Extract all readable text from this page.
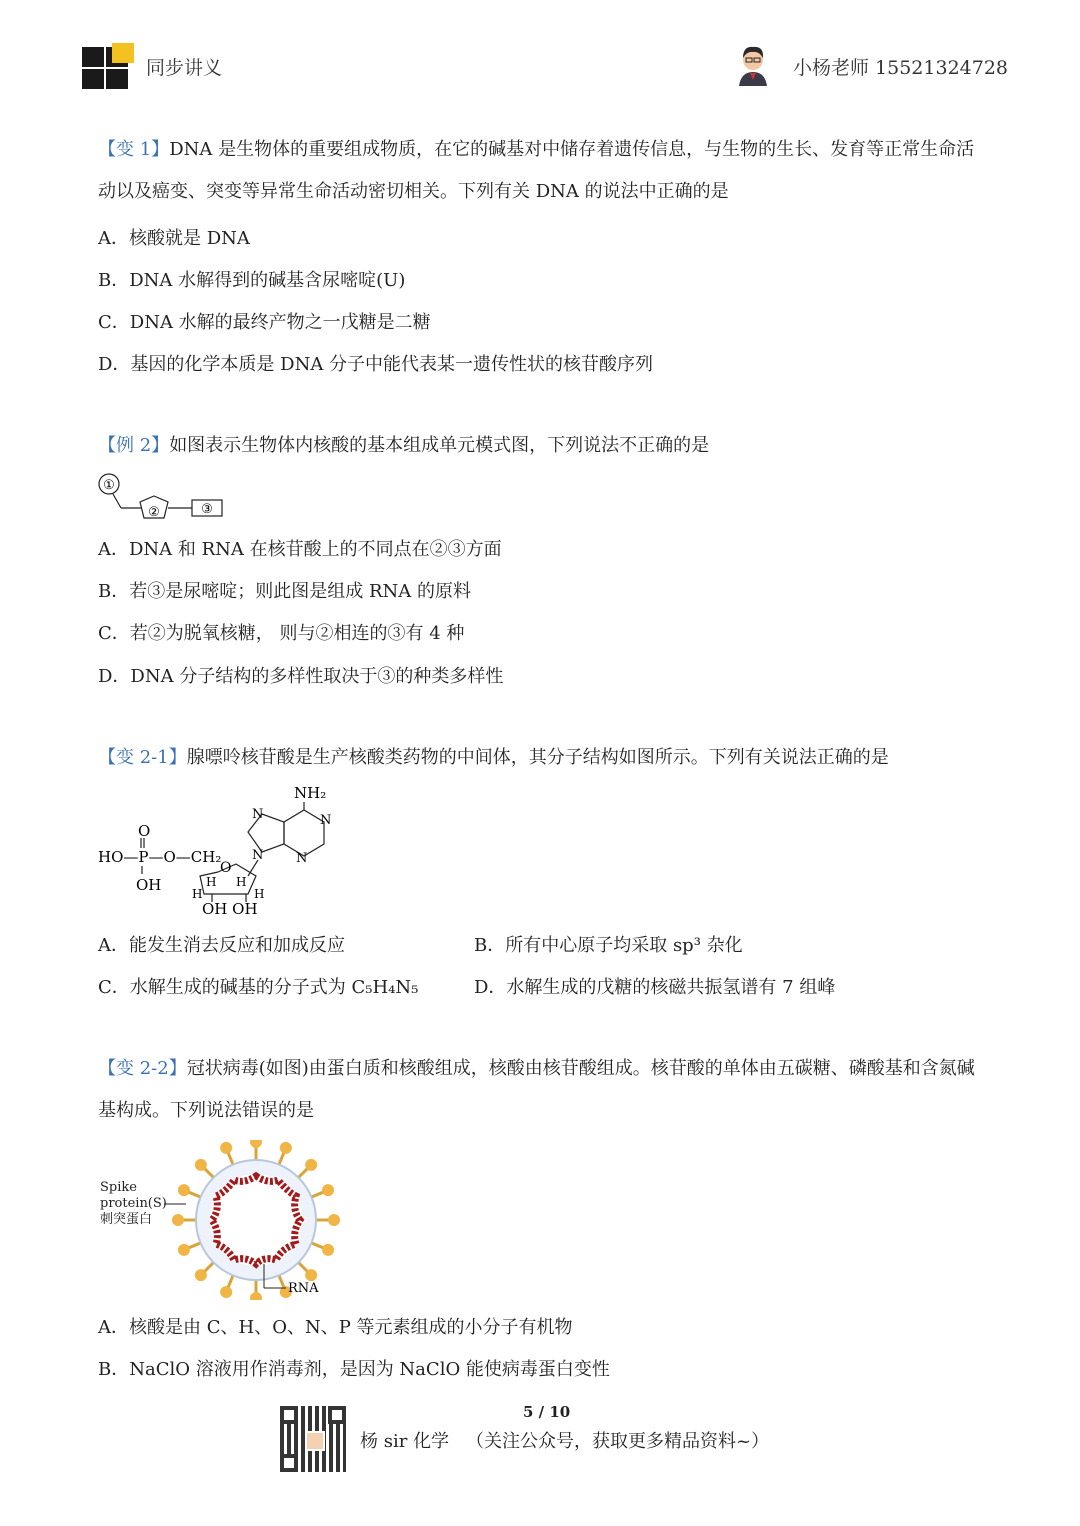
同步讲义	小杨老师 15521324728
【变 1】DNA 是生物体的重要组成物质，在它的碱基对中储存着遗传信息，与生物的生长、发育等正常生命活动以及癌变、突变等异常生命活动密切相关。下列有关 DNA 的说法中正确的是
A．核酸就是 DNA
B．DNA 水解得到的碱基含尿嘧啶(U)
C．DNA 水解的最终产物之一戊糖是二糖
D．基因的化学本质是 DNA 分子中能代表某一遗传性状的核苷酸序列
【例 2】如图表示生物体内核酸的基本组成单元模式图，下列说法不正确的是
①
②	③
A．DNA 和 RNA 在核苷酸上的不同点在②③方面
B．若③是尿嘧啶；则此图是组成 RNA 的原料
C．若②为脱氧核糖， 则与②相连的③有 4 种
D．DNA 分子结构的多样性取决于③的种类多样性
【变 2-1】腺嘌呤核苷酸是生产核酸类药物的中间体，其分子结构如图所示。下列有关说法正确的是
NH₂
N
N
N
N
O
HO—P—O—CH₂
OH
O
H H
H	H
OH OH
A．能发生消去反应和加成反应	B．所有中心原子均采取 sp³ 杂化
C．水解生成的碱基的分子式为 C₅H₄N₅	D．水解生成的戊糖的核磁共振氢谱有 7 组峰
【变 2-2】冠状病毒(如图)由蛋白质和核酸组成，核酸由核苷酸组成。核苷酸的单体由五碳糖、磷酸基和含氮碱基构成。下列说法错误的是
Spike
protein(S)
刺突蛋白
RNA
A．核酸是由 C、H、O、N、P 等元素组成的小分子有机物
B．NaClO 溶液用作消毒剂，是因为 NaClO 能使病毒蛋白变性
5 / 10
杨 sir 化学 （关注公众号，获取更多精品资料~）
